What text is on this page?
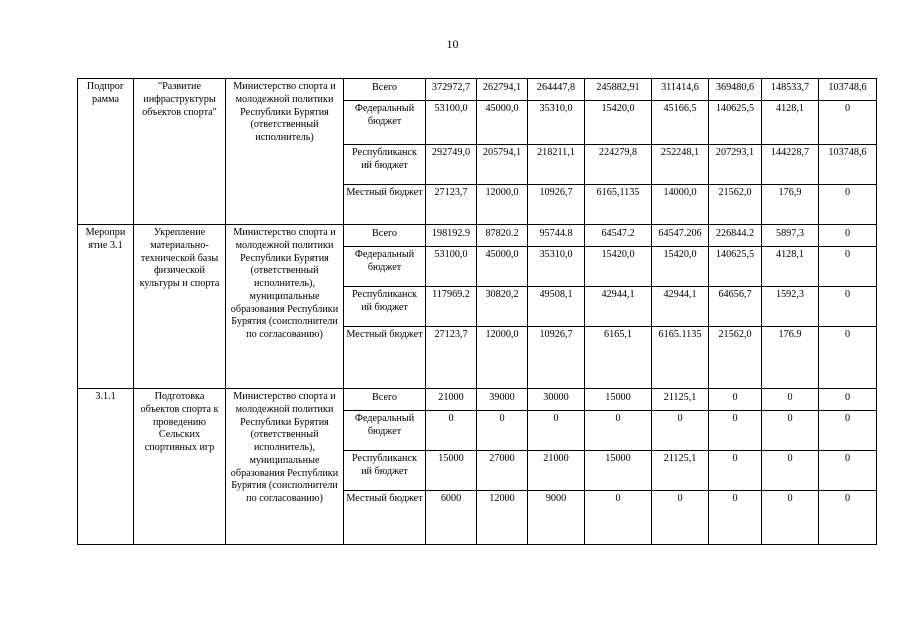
10
Подпрог рамма	"Развитие инфраструктуры объектов спорта"	Министерство спорта и молодежной политики Республики Бурятия (ответственный исполнитель)	Всего	372972,7	262794,1	264447,8	245882,91	311414,6	369480,6	148533,7	103748,6
			Федеральный бюджет	53100,0	45000,0	35310,0	15420,0	45166,5	140625,5	4128,1	0
			Республиканск ий бюджет	292749,0	205794,1	218211,1	224279,8	252248,1	207293,1	144228,7	103748,6
			Местный бюджет	27123,7	12000,0	10926,7	6165,1135	14000,0	21562,0	176,9	0
Меропри ятие 3.1	Укрепление материально-технической базы физической культуры и спорта	Министерство спорта и молодежной политики Республики Бурятия (ответственный исполнитель), муниципальные образования Республики Бурятия (соисполнители по согласованию)	Всего	198192.9	87820.2	95744.8	64547.2	64547.206	226844.2	5897,3	0
			Федеральный бюджет	53100,0	45000,0	35310,0	15420,0	15420,0	140625,5	4128,1	0
			Республиканск ий бюджет	117969.2	30820,2	49508,1	42944,1	42944,1	64656,7	1592,3	0
			Местный бюджет	27123,7	12000,0	10926,7	6165,1	6165.1135	21562,0	176.9	0
3.1.1	Подготовка объектов спорта к проведению Сельских спортивных игр	Министерство спорта и молодежной политики Республики Бурятия (ответственный исполнитель), муниципальные образования Республики Бурятия (соисполнители по согласованию)	Всего	21000	39000	30000	15000	21125,1	0	0	0
			Федеральный бюджет	0	0	0	0	0	0	0	0
			Республиканск ий бюджет	15000	27000	21000	15000	21125,1	0	0	0
			Местный бюджет	6000	12000	9000	0	0	0	0	0
